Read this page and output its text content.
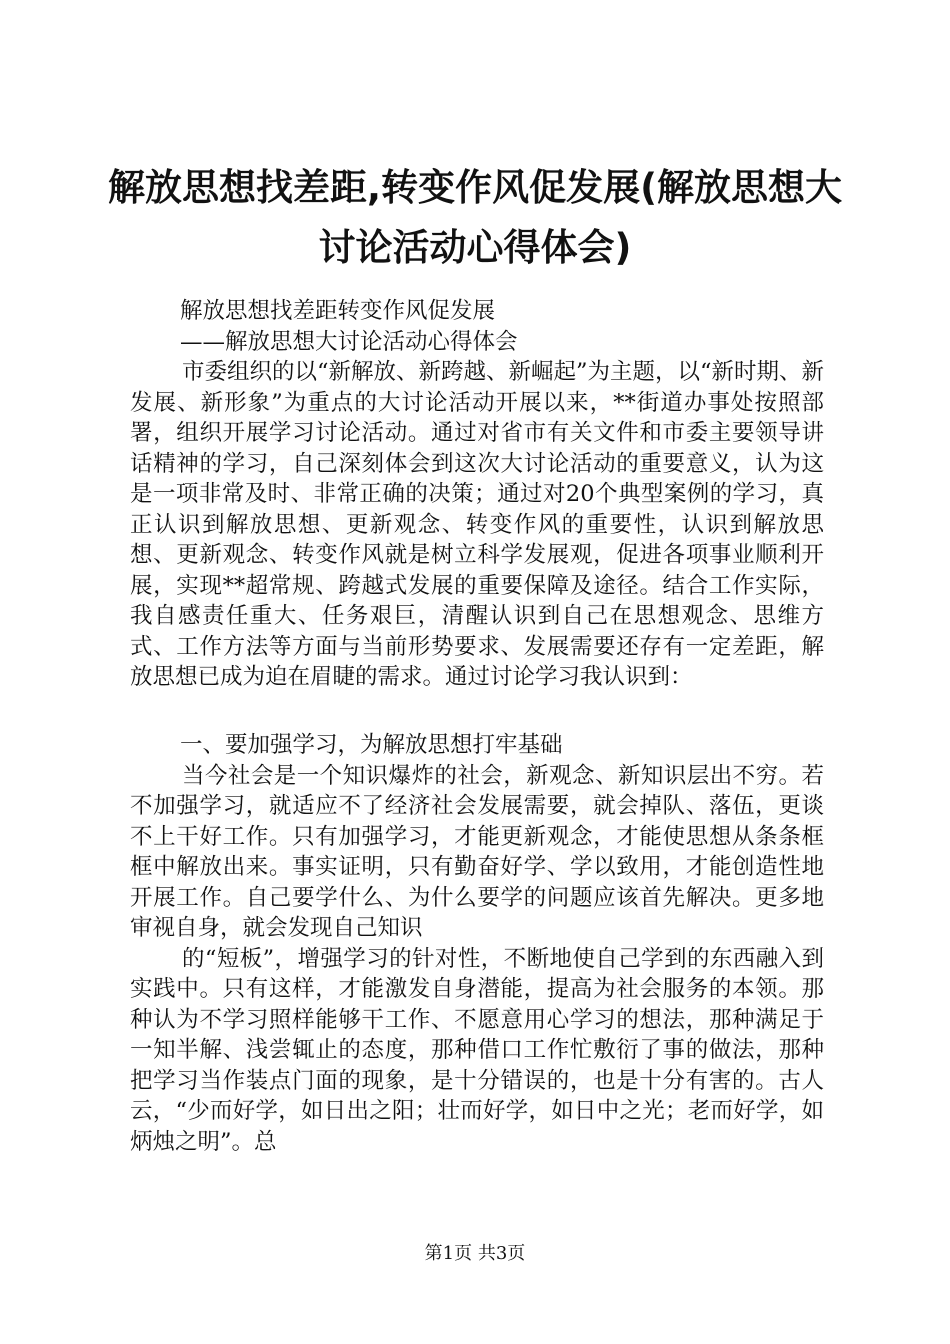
解放思想找差距,转变作风促发展(解放思想大讨论活动心得体会)

解放思想找差距转变作风促发展

——解放思想大讨论活动心得体会

市委组织的以“新解放、新跨越、新崛起”为主题，以“新时期、新发展、新形象”为重点的大讨论活动开展以来，**街道办事处按照部署，组织开展学习讨论活动。通过对省市有关文件和市委主要领导讲话精神的学习，自己深刻体会到这次大讨论活动的重要意义，认为这是一项非常及时、非常正确的决策；通过对20个典型案例的学习，真正认识到解放思想、更新观念、转变作风的重要性，认识到解放思想、更新观念、转变作风就是树立科学发展观，促进各项事业顺利开展，实现**超常规、跨越式发展的重要保障及途径。结合工作实际，我自感责任重大、任务艰巨，清醒认识到自己在思想观念、思维方式、工作方法等方面与当前形势要求、发展需要还存有一定差距，解放思想已成为迫在眉睫的需求。通过讨论学习我认识到：

一、要加强学习，为解放思想打牢基础

当今社会是一个知识爆炸的社会，新观念、新知识层出不穷。若不加强学习，就适应不了经济社会发展需要，就会掉队、落伍，更谈不上干好工作。只有加强学习，才能更新观念，才能使思想从条条框框中解放出来。事实证明，只有勤奋好学、学以致用，才能创造性地开展工作。自己要学什么、为什么要学的问题应该首先解决。更多地审视自身，就会发现自己知识

的“短板”，增强学习的针对性，不断地使自己学到的东西融入到实践中。只有这样，才能激发自身潜能，提高为社会服务的本领。那种认为不学习照样能够干工作、不愿意用心学习的想法，那种满足于一知半解、浅尝辄止的态度，那种借口工作忙敷衍了事的做法，那种把学习当作装点门面的现象，是十分错误的，也是十分有害的。古人云，“少而好学，如日出之阳；壮而好学，如日中之光；老而好学，如炳烛之明”。总

第1页 共3页
